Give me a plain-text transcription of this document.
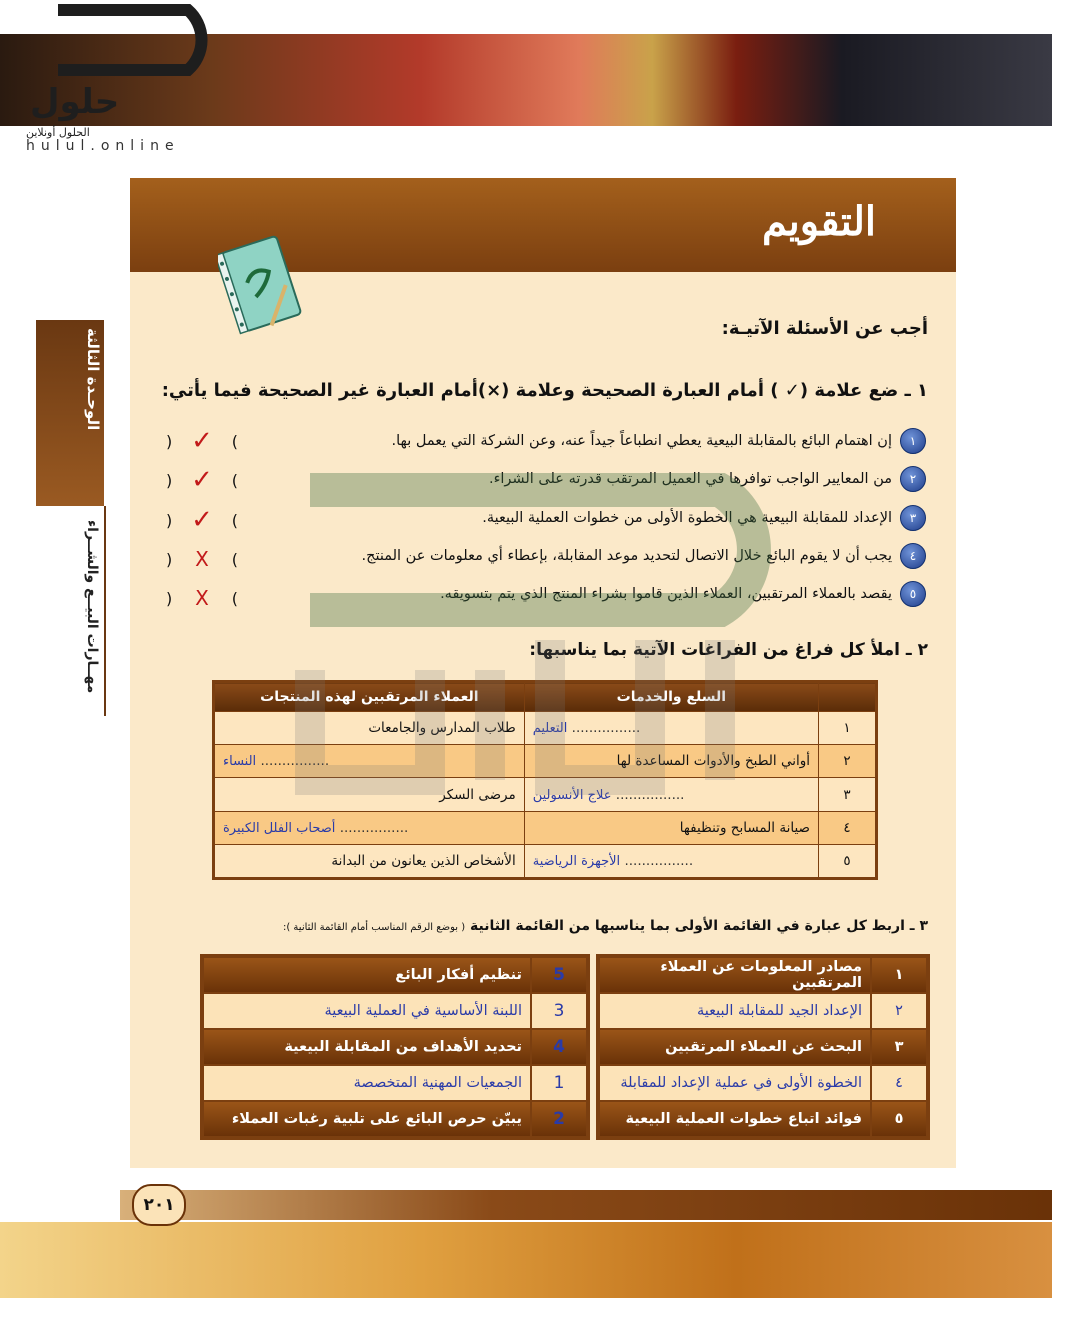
حلول
الحلول أونلاين
hulul.online
الوحـدة الثالثة
مهــارات البيــع والشــراء
التقويم
أجب عن الأسئلة الآتيـة:
١ ـ ضع علامة (✓ ) أمام العبارة الصحيحة وعلامة (×)أمام العبارة غير الصحيحة فيما يأتي:
١
إن اهتمام البائع بالمقابلة البيعية يعطي انطباعاً جيداً عنه، وعن الشركة التي يعمل بها.
) ✓ (
٢
من المعايير الواجب توافرها في العميل المرتقب قدرته على الشراء.
) ✓ (
٣
الإعداد للمقابلة البيعية هي الخطوة الأولى من خطوات العملية البيعية.
) ✓ (
٤
يجب أن لا يقوم البائع خلال الاتصال لتحديد موعد المقابلة، بإعطاء أي معلومات عن المنتج.
) X (
٥
يقصد بالعملاء المرتقبين، العملاء الذين قاموا بشراء المنتج الذي يتم بتسويقه.
) X (
٢ ـ املأ كل فراغ من الفراغات الآتية بما يناسبها:
	السلع والخدمات	العملاء المرتقبين لهذه المنتجات
١	................ التعليم	طلاب المدارس والجامعات
٢	أواني الطبخ والأدوات المساعدة لها	................ النساء
٣	................ علاج الأنسولين	مرضى السكر
٤	صيانة المسابح وتنظيفها	................ أصحاب الفلل الكبيرة
٥	................ الأجهزة الرياضية	الأشخاص الذين يعانون من البدانة
٣ ـ اربط كل عبارة في القائمة الأولى بما يناسبها من القائمة الثانية ( بوضع الرقم المناسب أمام القائمة الثانية ):
١	مصادر المعلومات عن العملاء المرتقبين
٢	الإعداد الجيد للمقابلة البيعية
٣	البحث عن العملاء المرتقبين
٤	الخطوة الأولى في عملية الإعداد للمقابلة
٥	فوائد اتباع خطوات العملية البيعية
5	تنظيم أفكار البائع
3	اللبنة الأساسية في العملية البيعية
4	تحديد الأهداف من المقابلة البيعية
1	الجمعيات المهنية المتخصصة
2	يبيّن حرص البائع على تلبية رغبات العملاء
٢٠١
